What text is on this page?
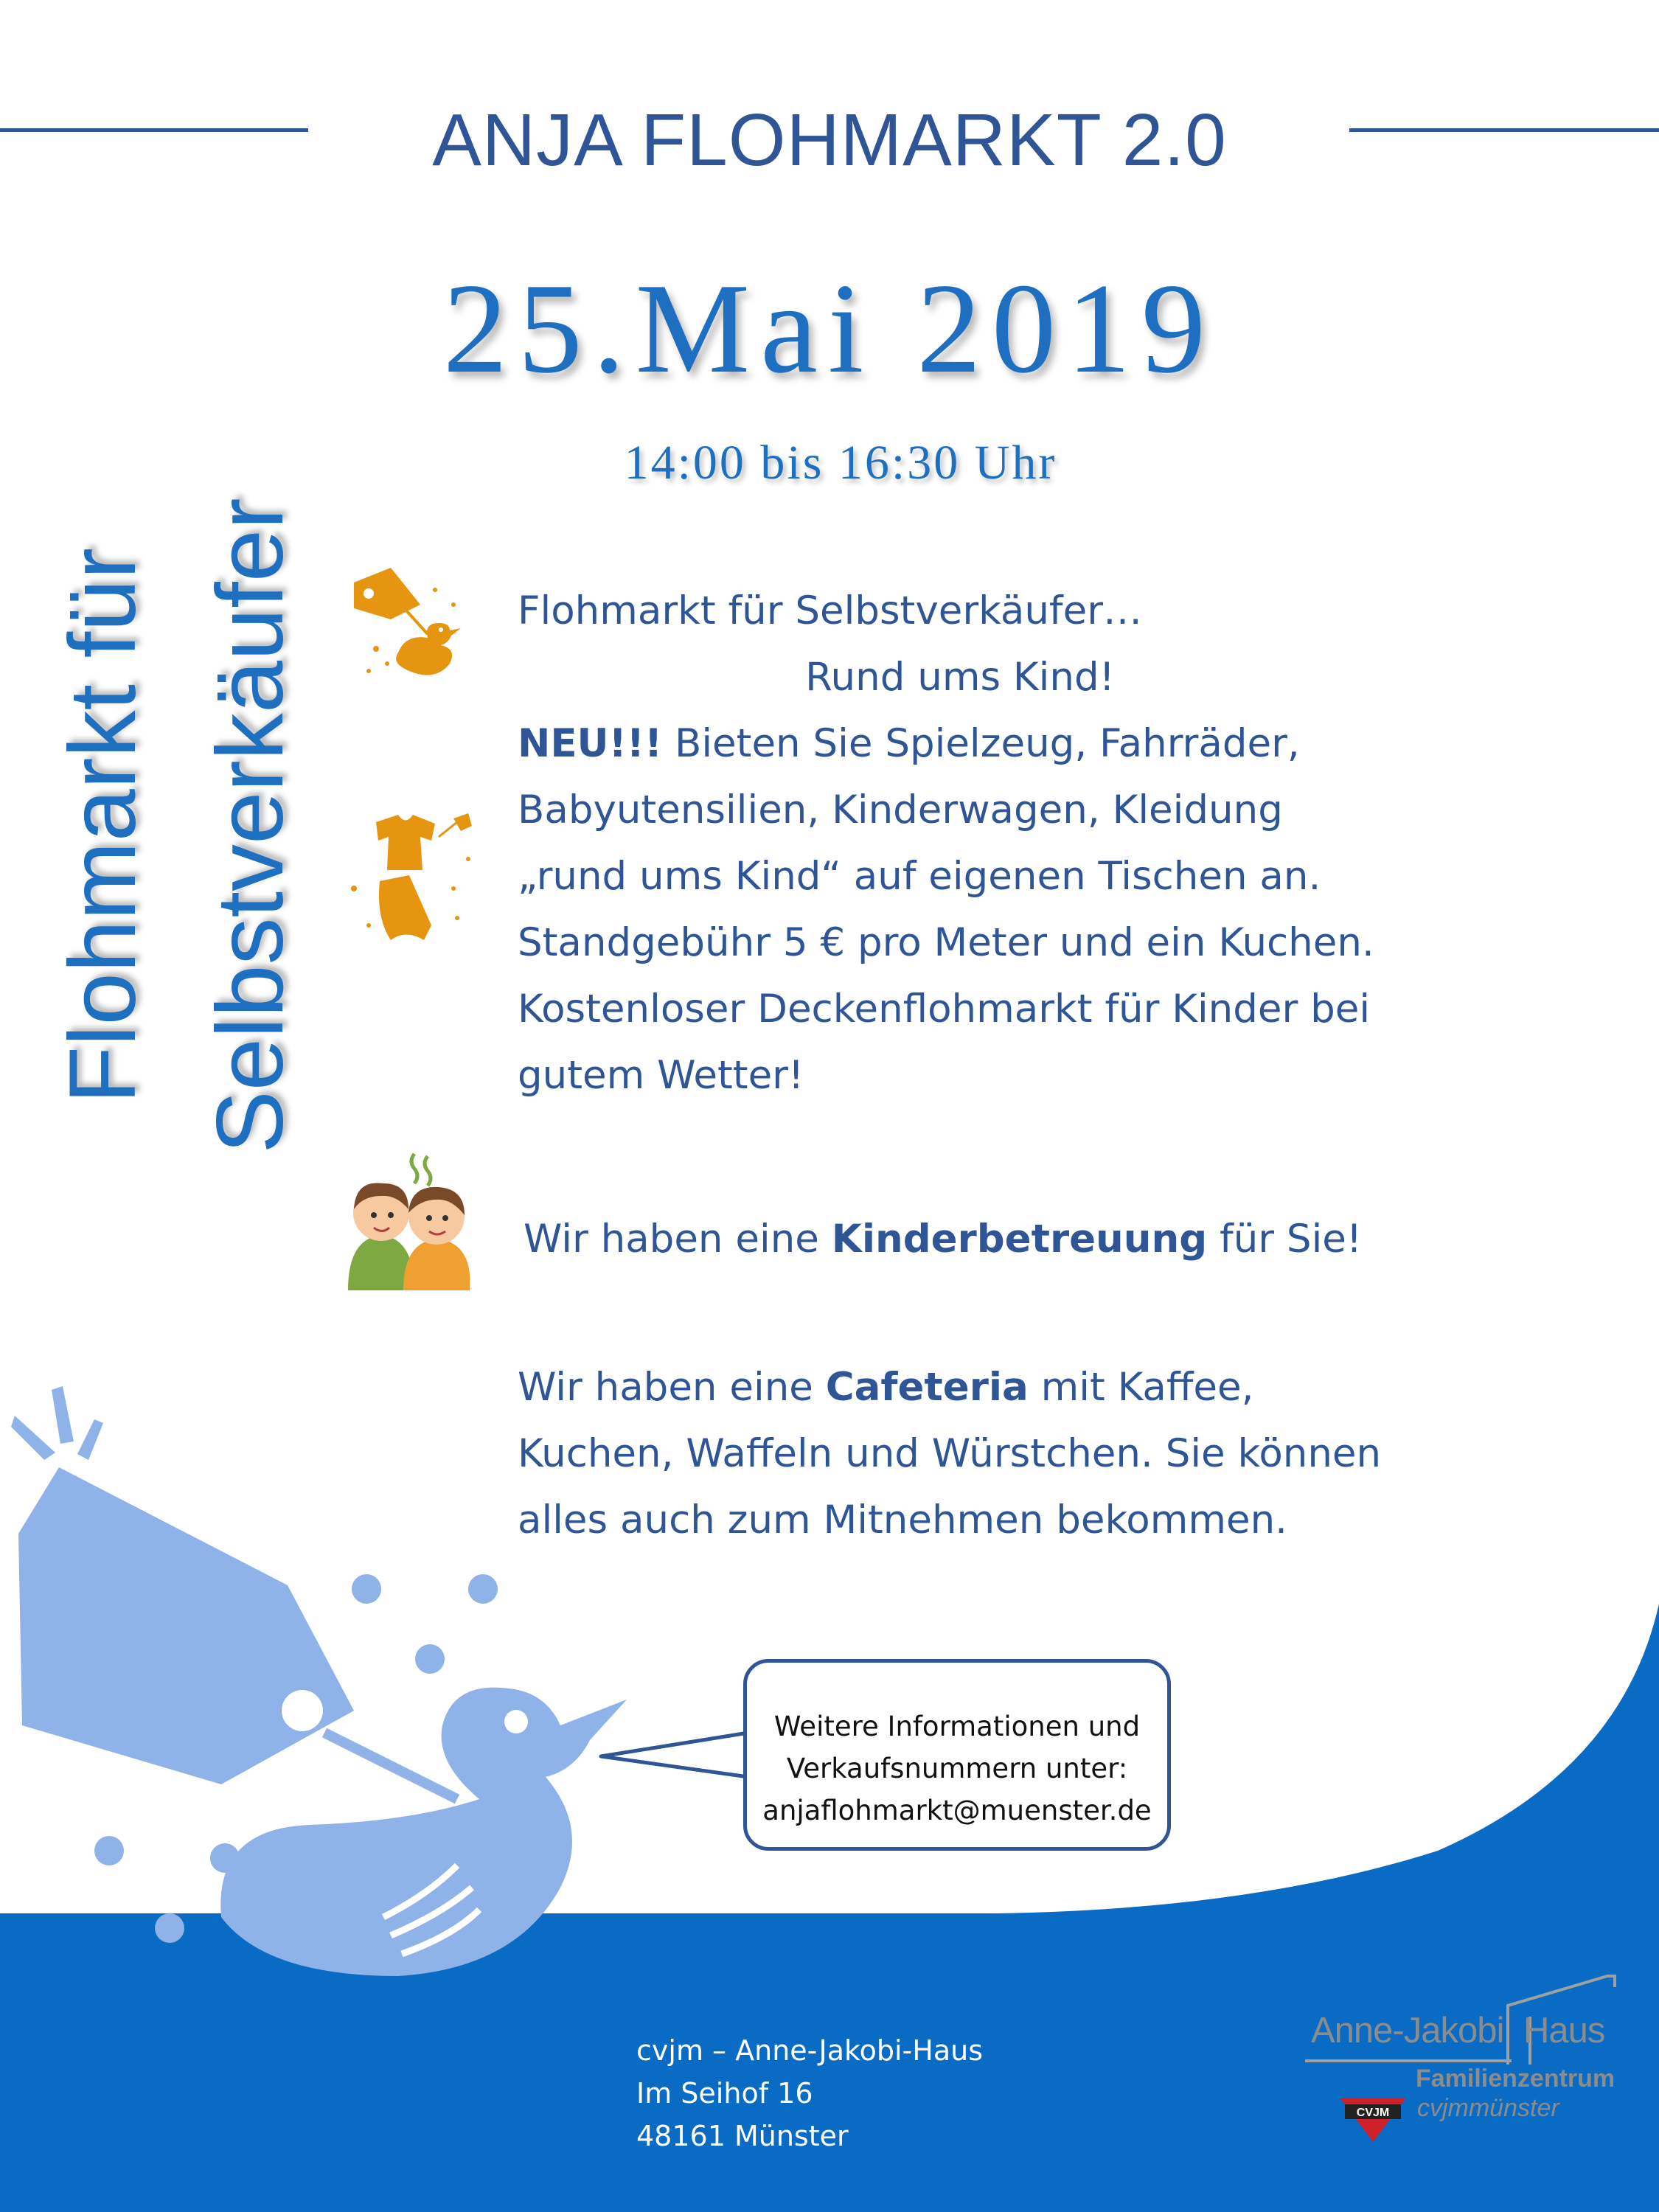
ANJA FLOHMARKT 2.0
25.Mai 2019
14:00 bis 16:30 Uhr
Flohmarkt für Selbstverkäufer	Flohmarkt für Selbstverkäufer…
Rund ums Kind!
NEU!!! Bieten Sie Spielzeug, Fahrräder,
Babyutensilien, Kinderwagen, Kleidung
„rund ums Kind“ auf eigenen Tischen an.
Standgebühr 5 € pro Meter und ein Kuchen.
Kostenloser Deckenflohmarkt für Kinder bei
gutem Wetter!
Wir haben eine Kinderbetreuung für Sie!
Wir haben eine Cafeteria mit Kaffee,
Kuchen, Waffeln und Würstchen. Sie können
alles auch zum Mitnehmen bekommen.
Weitere Informationen und
Verkaufsnummern unter:
anjaflohmarkt@muenster.de
cvjm – Anne-Jakobi-Haus
Im Seihof 16
48161 Münster
Anne-Jakobi Haus
Familienzentrum
cvjmmünster
CVJM
